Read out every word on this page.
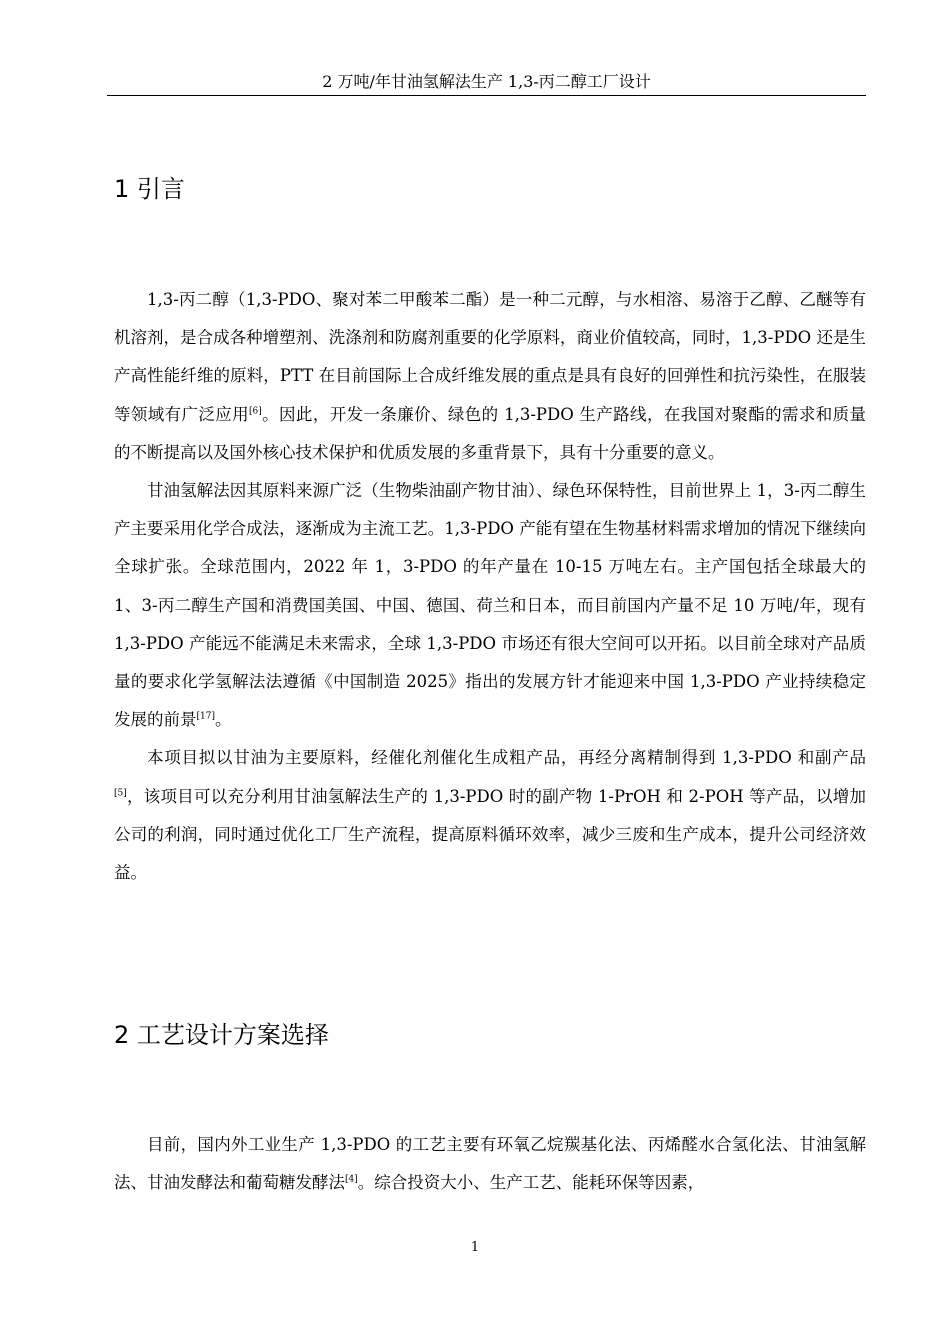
2 万吨/年甘油氢解法生产 1,3-丙二醇工厂设计
1 引言

1,3-丙二醇（1,3-PDO、聚对苯二甲酸苯二酯）是一种二元醇，与水相溶、易溶于乙醇、乙醚等有机溶剂，是合成各种增塑剂、洗涤剂和防腐剂重要的化学原料，商业价值较高，同时，1,3-PDO 还是生产高性能纤维的原料，PTT 在目前国际上合成纤维发展的重点是具有良好的回弹性和抗污染性，在服装等领域有广泛应用[6]。因此，开发一条廉价、绿色的 1,3-PDO 生产路线，在我国对聚酯的需求和质量的不断提高以及国外核心技术保护和优质发展的多重背景下，具有十分重要的意义。

甘油氢解法因其原料来源广泛（生物柴油副产物甘油）、绿色环保特性，目前世界上 1，3-丙二醇生产主要采用化学合成法，逐渐成为主流工艺。1,3-PDO 产能有望在生物基材料需求增加的情况下继续向全球扩张。全球范围内，2022 年 1，3-PDO 的年产量在 10-15 万吨左右。主产国包括全球最大的 1、3-丙二醇生产国和消费国美国、中国、德国、荷兰和日本，而目前国内产量不足 10 万吨/年，现有 1,3-PDO 产能远不能满足未来需求，全球 1,3-PDO 市场还有很大空间可以开拓。以目前全球对产品质量的要求化学氢解法法遵循《中国制造 2025》指出的发展方针才能迎来中国 1,3-PDO 产业持续稳定发展的前景[17]。

本项目拟以甘油为主要原料，经催化剂催化生成粗产品，再经分离精制得到 1,3-PDO 和副产品[5]，该项目可以充分利用甘油氢解法生产的 1,3-PDO 时的副产物 1-PrOH 和 2-POH 等产品，以增加公司的利润，同时通过优化工厂生产流程，提高原料循环效率，减少三废和生产成本，提升公司经济效益。

2 工艺设计方案选择

目前，国内外工业生产 1,3-PDO 的工艺主要有环氧乙烷羰基化法、丙烯醛水合氢化法、甘油氢解法、甘油发酵法和葡萄糖发酵法[4]。综合投资大小、生产工艺、能耗环保等因素，

1
